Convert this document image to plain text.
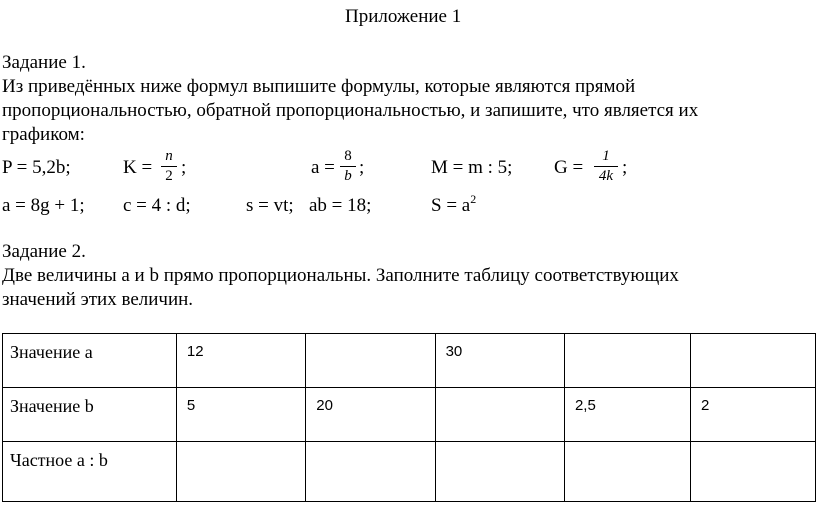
Приложение 1
Задание 1.
Из приведённых ниже формул выпишите формулы, которые являются прямой
пропорциональностью, обратной пропорциональностью, и запишите, что является их
графиком:
P = 5,2b;	K =
n
2 ;	a =
8
b ;	M = m : 5; G =
1
4k ;
a = 8g + 1; c = 4 : d;	s = vt; ab = 18;	$S = a^2$
Задание 2.
Две величины a и b прямо пропорциональны. Заполните таблицу соответствующих
значений этих величин.
Значение a	12		30		
Значение b	5	20		2,5	2
Частное a : b					
